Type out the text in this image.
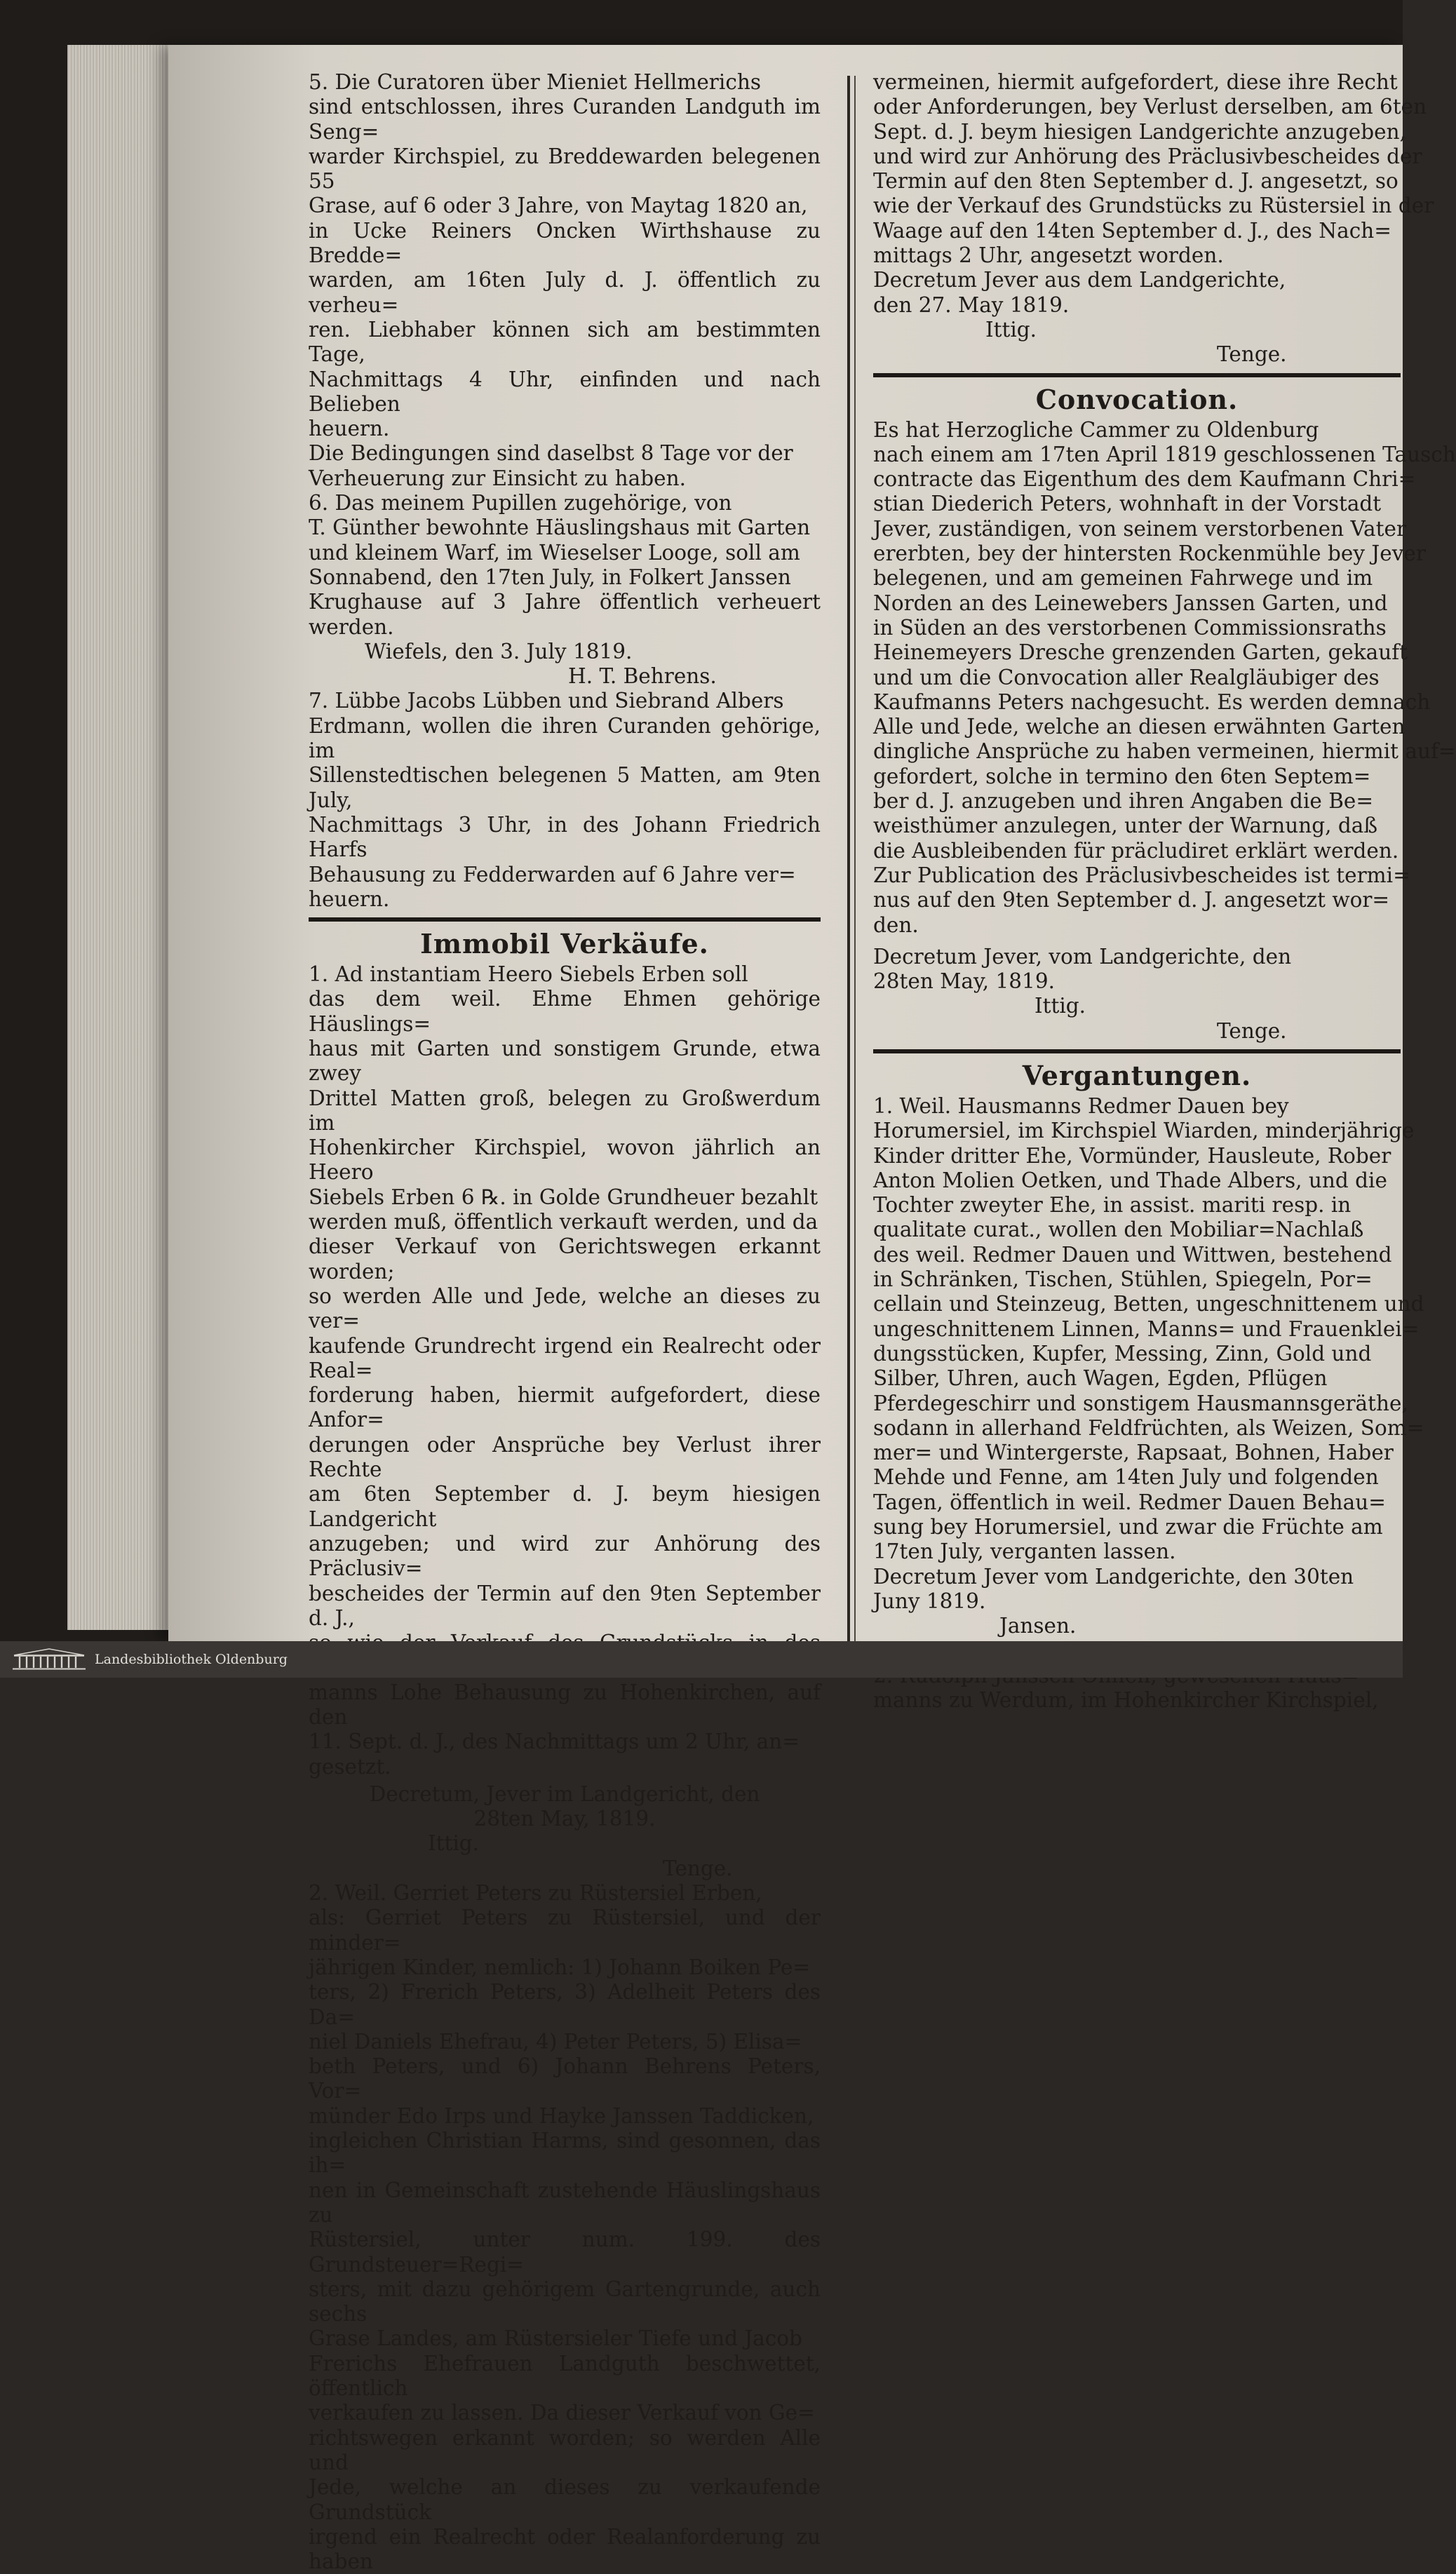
5. Die Curatoren über Mieniet Hellmerichs
sind entschlossen, ihres Curanden Landguth im Seng=
warder Kirchspiel, zu Breddewarden belegenen 55
Grase, auf 6 oder 3 Jahre, von Maytag 1820 an,
in Ucke Reiners Oncken Wirthshause zu Bredde=
warden, am 16ten July d. J. öffentlich zu verheu=
ren. Liebhaber können sich am bestimmten Tage,
Nachmittags 4 Uhr, einfinden und nach Belieben
heuern.

Die Bedingungen sind daselbst 8 Tage vor der
Verheuerung zur Einsicht zu haben.

6. Das meinem Pupillen zugehörige, von
T. Günther bewohnte Häuslingshaus mit Garten
und kleinem Warf, im Wieselser Looge, soll am
Sonnabend, den 17ten July, in Folkert Janssen
Krughause auf 3 Jahre öffentlich verheuert werden.

Wiefels, den 3. July 1819.

H. T. Behrens.

7. Lübbe Jacobs Lübben und Siebrand Albers
Erdmann, wollen die ihren Curanden gehörige, im
Sillenstedtischen belegenen 5 Matten, am 9ten July,
Nachmittags 3 Uhr, in des Johann Friedrich Harfs
Behausung zu Fedderwarden auf 6 Jahre ver=
heuern.

Immobil Verkäufe.

1. Ad instantiam Heero Siebels Erben soll
das dem weil. Ehme Ehmen gehörige Häuslings=
haus mit Garten und sonstigem Grunde, etwa zwey
Drittel Matten groß, belegen zu Großwerdum im
Hohenkircher Kirchspiel, wovon jährlich an Heero
Siebels Erben 6 ℞. in Golde Grundheuer bezahlt
werden muß, öffentlich verkauft werden, und da
dieser Verkauf von Gerichtswegen erkannt worden;
so werden Alle und Jede, welche an dieses zu ver=
kaufende Grundrecht irgend ein Realrecht oder Real=
forderung haben, hiermit aufgefordert, diese Anfor=
derungen oder Ansprüche bey Verlust ihrer Rechte
am 6ten September d. J. beym hiesigen Landgericht
anzugeben; und wird zur Anhörung des Präclusiv=
bescheides der Termin auf den 9ten September d. J.,

manns Lohe Behausung zu Hohenkirchen, auf den
11. Sept. d. J., des Nachmittags um 2 Uhr, an=
gesetzt.

Decretum, Jever im Landgericht, den
28ten May, 1819.

Ittig.

Tenge.

2. Weil. Gerriet Peters zu Rüstersiel Erben,
als: Gerriet Peters zu Rüstersiel, und der minder=
jährigen Kinder, nemlich: 1) Johann Boiken Pe=
ters, 2) Frerich Peters, 3) Adelheit Peters des Da=
niel Daniels Ehefrau, 4) Peter Peters, 5) Elisa=
beth Peters, und 6) Johann Behrens Peters, Vor=
münder Edo Irps und Hayke Janssen Taddicken,
ingleichen Christian Harms, sind gesonnen, das ih=
nen in Gemeinschaft zustehende Häuslingshaus zu
Rüstersiel, unter num. 199. des Grundsteuer=Regi=
sters, mit dazu gehörigem Gartengrunde, auch sechs
Grase Landes, am Rüstersieler Tiefe und Jacob
Frerichs Ehefrauen Landguth beschwettet, öffentlich
verkaufen zu lassen. Da dieser Verkauf von Ge=
richtswegen erkannt worden; so werden Alle und
Jede, welche an dieses zu verkaufende Grundstück
irgend ein Realrecht oder Realanforderung zu haben

vermeinen, hiermit aufgefordert, diese ihre Recht
oder Anforderungen, bey Verlust derselben, am 6ten
Sept. d. J. beym hiesigen Landgerichte anzugeben,
und wird zur Anhörung des Präclusivbescheides der
Termin auf den 8ten September d. J. angesetzt, so
wie der Verkauf des Grundstücks zu Rüstersiel in der
Waage auf den 14ten September d. J., des Nach=
mittags 2 Uhr, angesetzt worden.

Decretum Jever aus dem Landgerichte,
den 27. May 1819.

Ittig.

Tenge.

Convocation.

Es hat Herzogliche Cammer zu Oldenburg
nach einem am 17ten April 1819 geschlossenen Tausch
contracte das Eigenthum des dem Kaufmann Chri=
stian Diederich Peters, wohnhaft in der Vorstadt
Jever, zuständigen, von seinem verstorbenen Vater
ererbten, bey der hintersten Rockenmühle bey Jever
belegenen, und am gemeinen Fahrwege und im
Norden an des Leinewebers Janssen Garten, und
in Süden an des verstorbenen Commissionsraths
Heinemeyers Dresche grenzenden Garten, gekauft
und um die Convocation aller Realgläubiger des
Kaufmanns Peters nachgesucht. Es werden demnach
Alle und Jede, welche an diesen erwähnten Garten
dingliche Ansprüche zu haben vermeinen, hiermit auf=
gefordert, solche in termino den 6ten Septem=
ber d. J. anzugeben und ihren Angaben die Be=
weisthümer anzulegen, unter der Warnung, daß
die Ausbleibenden für präcludiret erklärt werden.
Zur Publication des Präclusivbescheides ist termi=
nus auf den 9ten September d. J. angesetzt wor=
den.

Decretum Jever, vom Landgerichte, den
28ten May, 1819.

Ittig.

Tenge.

Vergantungen.

1. Weil. Hausmanns Redmer Dauen bey
Horumersiel, im Kirchspiel Wiarden, minderjährige
Kinder dritter Ehe, Vormünder, Hausleute, Rober
Anton Molien Oetken, und Thade Albers, und die
Tochter zweyter Ehe, in assist. mariti resp. in
qualitate curat., wollen den Mobiliar=Nachlaß
des weil. Redmer Dauen und Wittwen, bestehend
in Schränken, Tischen, Stühlen, Spiegeln, Por=
cellain und Steinzeug, Betten, ungeschnittenem und
ungeschnittenem Linnen, Manns= und Frauenklei=
dungsstücken, Kupfer, Messing, Zinn, Gold und
Silber, Uhren, auch Wagen, Egden, Pflügen
Pferdegeschirr und sonstigem Hausmannsgeräthe,
sodann in allerhand Feldfrüchten, als Weizen, Som=
mer= und Wintergerste, Rapsaat, Bohnen, Haber
Mehde und Fenne, am 14ten July und folgenden
Tagen, öffentlich in weil. Redmer Dauen Behau=
sung bey Horumersiel, und zwar die Früchte am
17ten July, verganten lassen.

Decretum Jever vom Landgerichte, den 30ten
Juny 1819.

Jansen.

manns zu Werdum, im Hohenkircher Kirchspiel,

Landesbibliothek Oldenburg
